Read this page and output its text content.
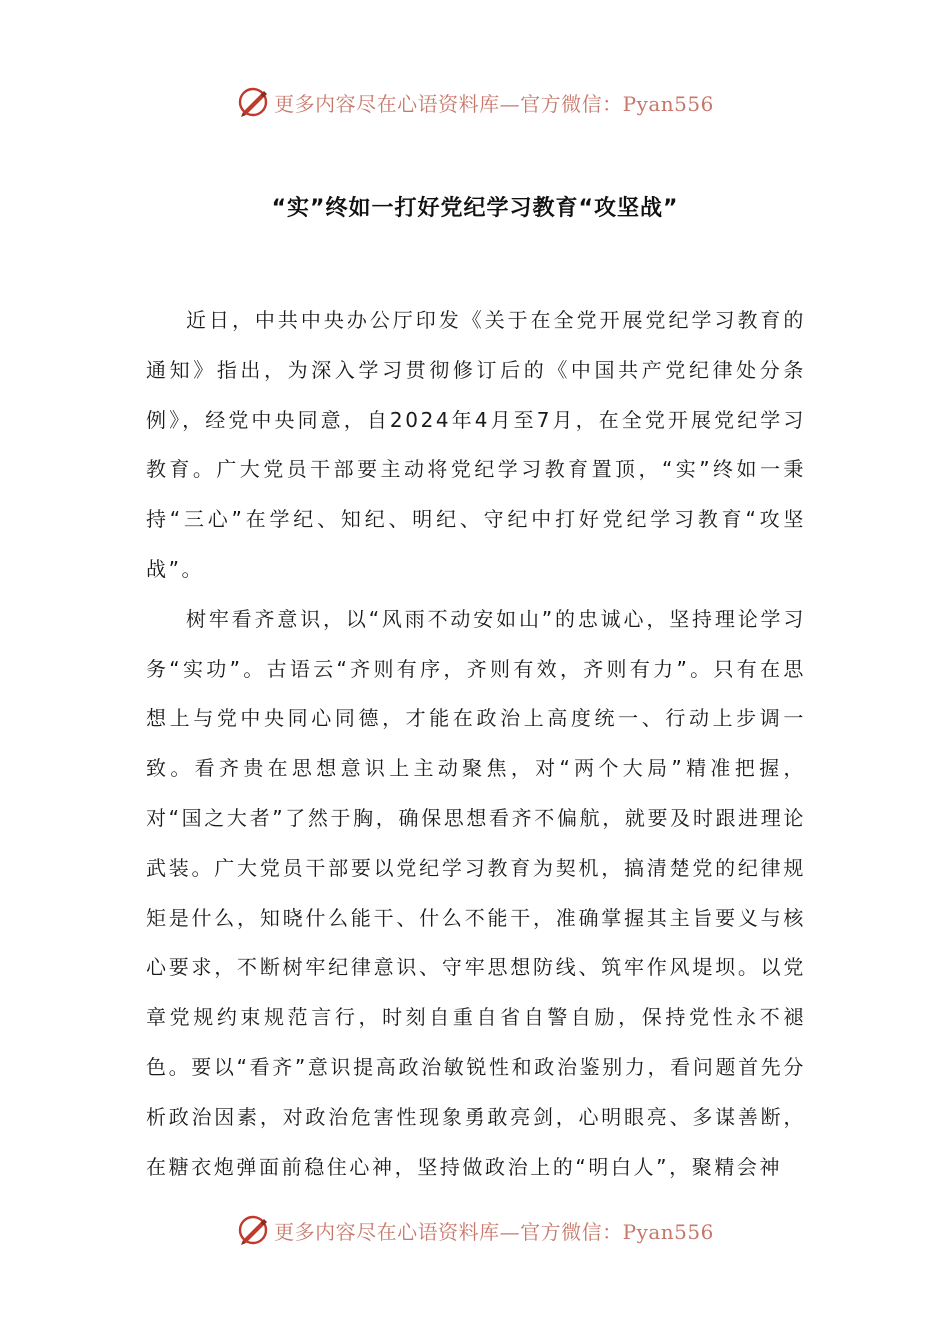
更多内容尽在心语资料库—官方微信：Pyan556
“实”终如一打好党纪学习教育“攻坚战”

近日，中共中央办公厅印发《关于在全党开展党纪学习教育的通知》指出，为深入学习贯彻修订后的《中国共产党纪律处分条例》，经党中央同意，自2024年4月至7月，在全党开展党纪学习教育。广大党员干部要主动将党纪学习教育置顶，“实”终如一秉持“三心”在学纪、知纪、明纪、守纪中打好党纪学习教育“攻坚战”。

树牢看齐意识，以“风雨不动安如山”的忠诚心，坚持理论学习务“实功”。古语云“齐则有序，齐则有效，齐则有力”。只有在思想上与党中央同心同德，才能在政治上高度统一、行动上步调一致。看齐贵在思想意识上主动聚焦，对“两个大局”精准把握，对“国之大者”了然于胸，确保思想看齐不偏航，就要及时跟进理论武装。广大党员干部要以党纪学习教育为契机，搞清楚党的纪律规矩是什么，知晓什么能干、什么不能干，准确掌握其主旨要义与核心要求，不断树牢纪律意识、守牢思想防线、筑牢作风堤坝。以党章党规约束规范言行，时刻自重自省自警自励，保持党性永不褪色。要以“看齐”意识提高政治敏锐性和政治鉴别力，看问题首先分析政治因素，对政治危害性现象勇敢亮剑，心明眼亮、多谋善断，在糖衣炮弹面前稳住心神，坚持做政治上的“明白人”，聚精会神

更多内容尽在心语资料库—官方微信：Pyan556
